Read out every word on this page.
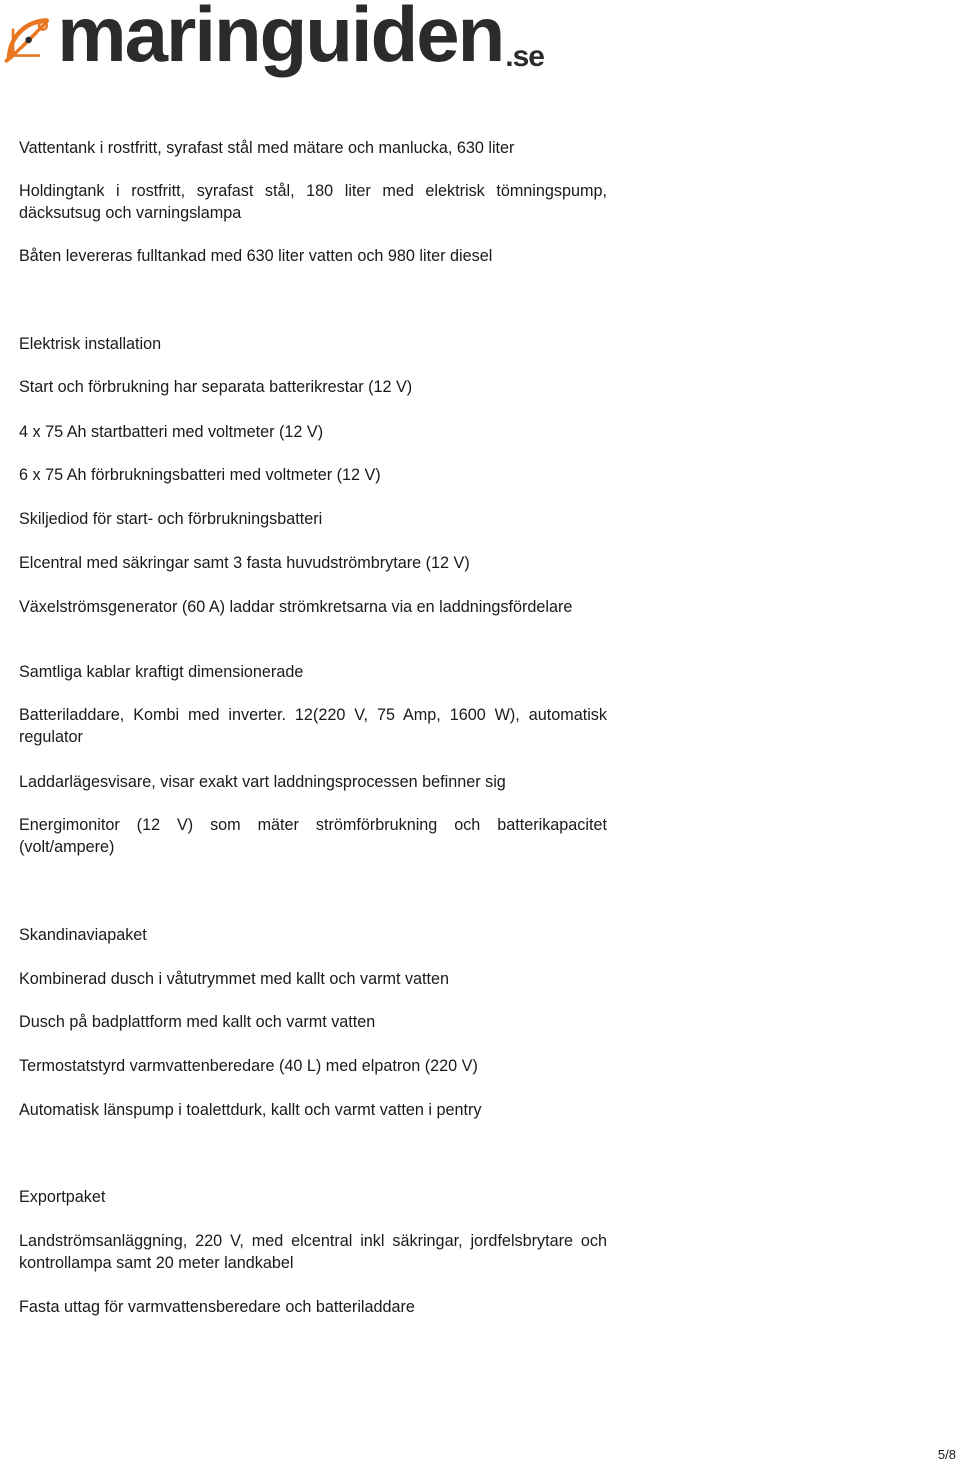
maringuiden .se

Vattentank i rostfritt, syrafast stål med mätare och manlucka, 630 liter

Holdingtank i rostfritt, syrafast stål, 180 liter med elektrisk tömningspump, däcksutsug och varningslampa

Båten levereras fulltankad med 630 liter vatten och 980 liter diesel

Elektrisk installation

Start och förbrukning har separata batterikrestar (12 V)

4 x 75 Ah startbatteri med voltmeter (12 V)

6 x 75 Ah förbrukningsbatteri med voltmeter (12 V)

Skiljediod för start- och förbrukningsbatteri

Elcentral med säkringar samt 3 fasta huvudströmbrytare (12 V)

Växelströmsgenerator (60 A) laddar strömkretsarna via en laddningsfördelare

Samtliga kablar kraftigt dimensionerade

Batteriladdare, Kombi med inverter. 12(220 V, 75 Amp, 1600 W), automatisk regulator

Laddarlägesvisare, visar exakt vart laddningsprocessen befinner sig

Energimonitor (12 V) som mäter strömförbrukning och batterikapacitet (volt/ampere)

Skandinaviapaket

Kombinerad dusch i våtutrymmet med kallt och varmt vatten

Dusch på badplattform med kallt och varmt vatten

Termostatstyrd varmvattenberedare (40 L) med elpatron (220 V)

Automatisk länspump i toalettdurk, kallt och varmt vatten i pentry

Exportpaket

Landströmsanläggning, 220 V, med elcentral inkl säkringar, jordfelsbrytare och kontrollampa samt 20 meter landkabel

Fasta uttag för varmvattensberedare och batteriladdare

5/8
